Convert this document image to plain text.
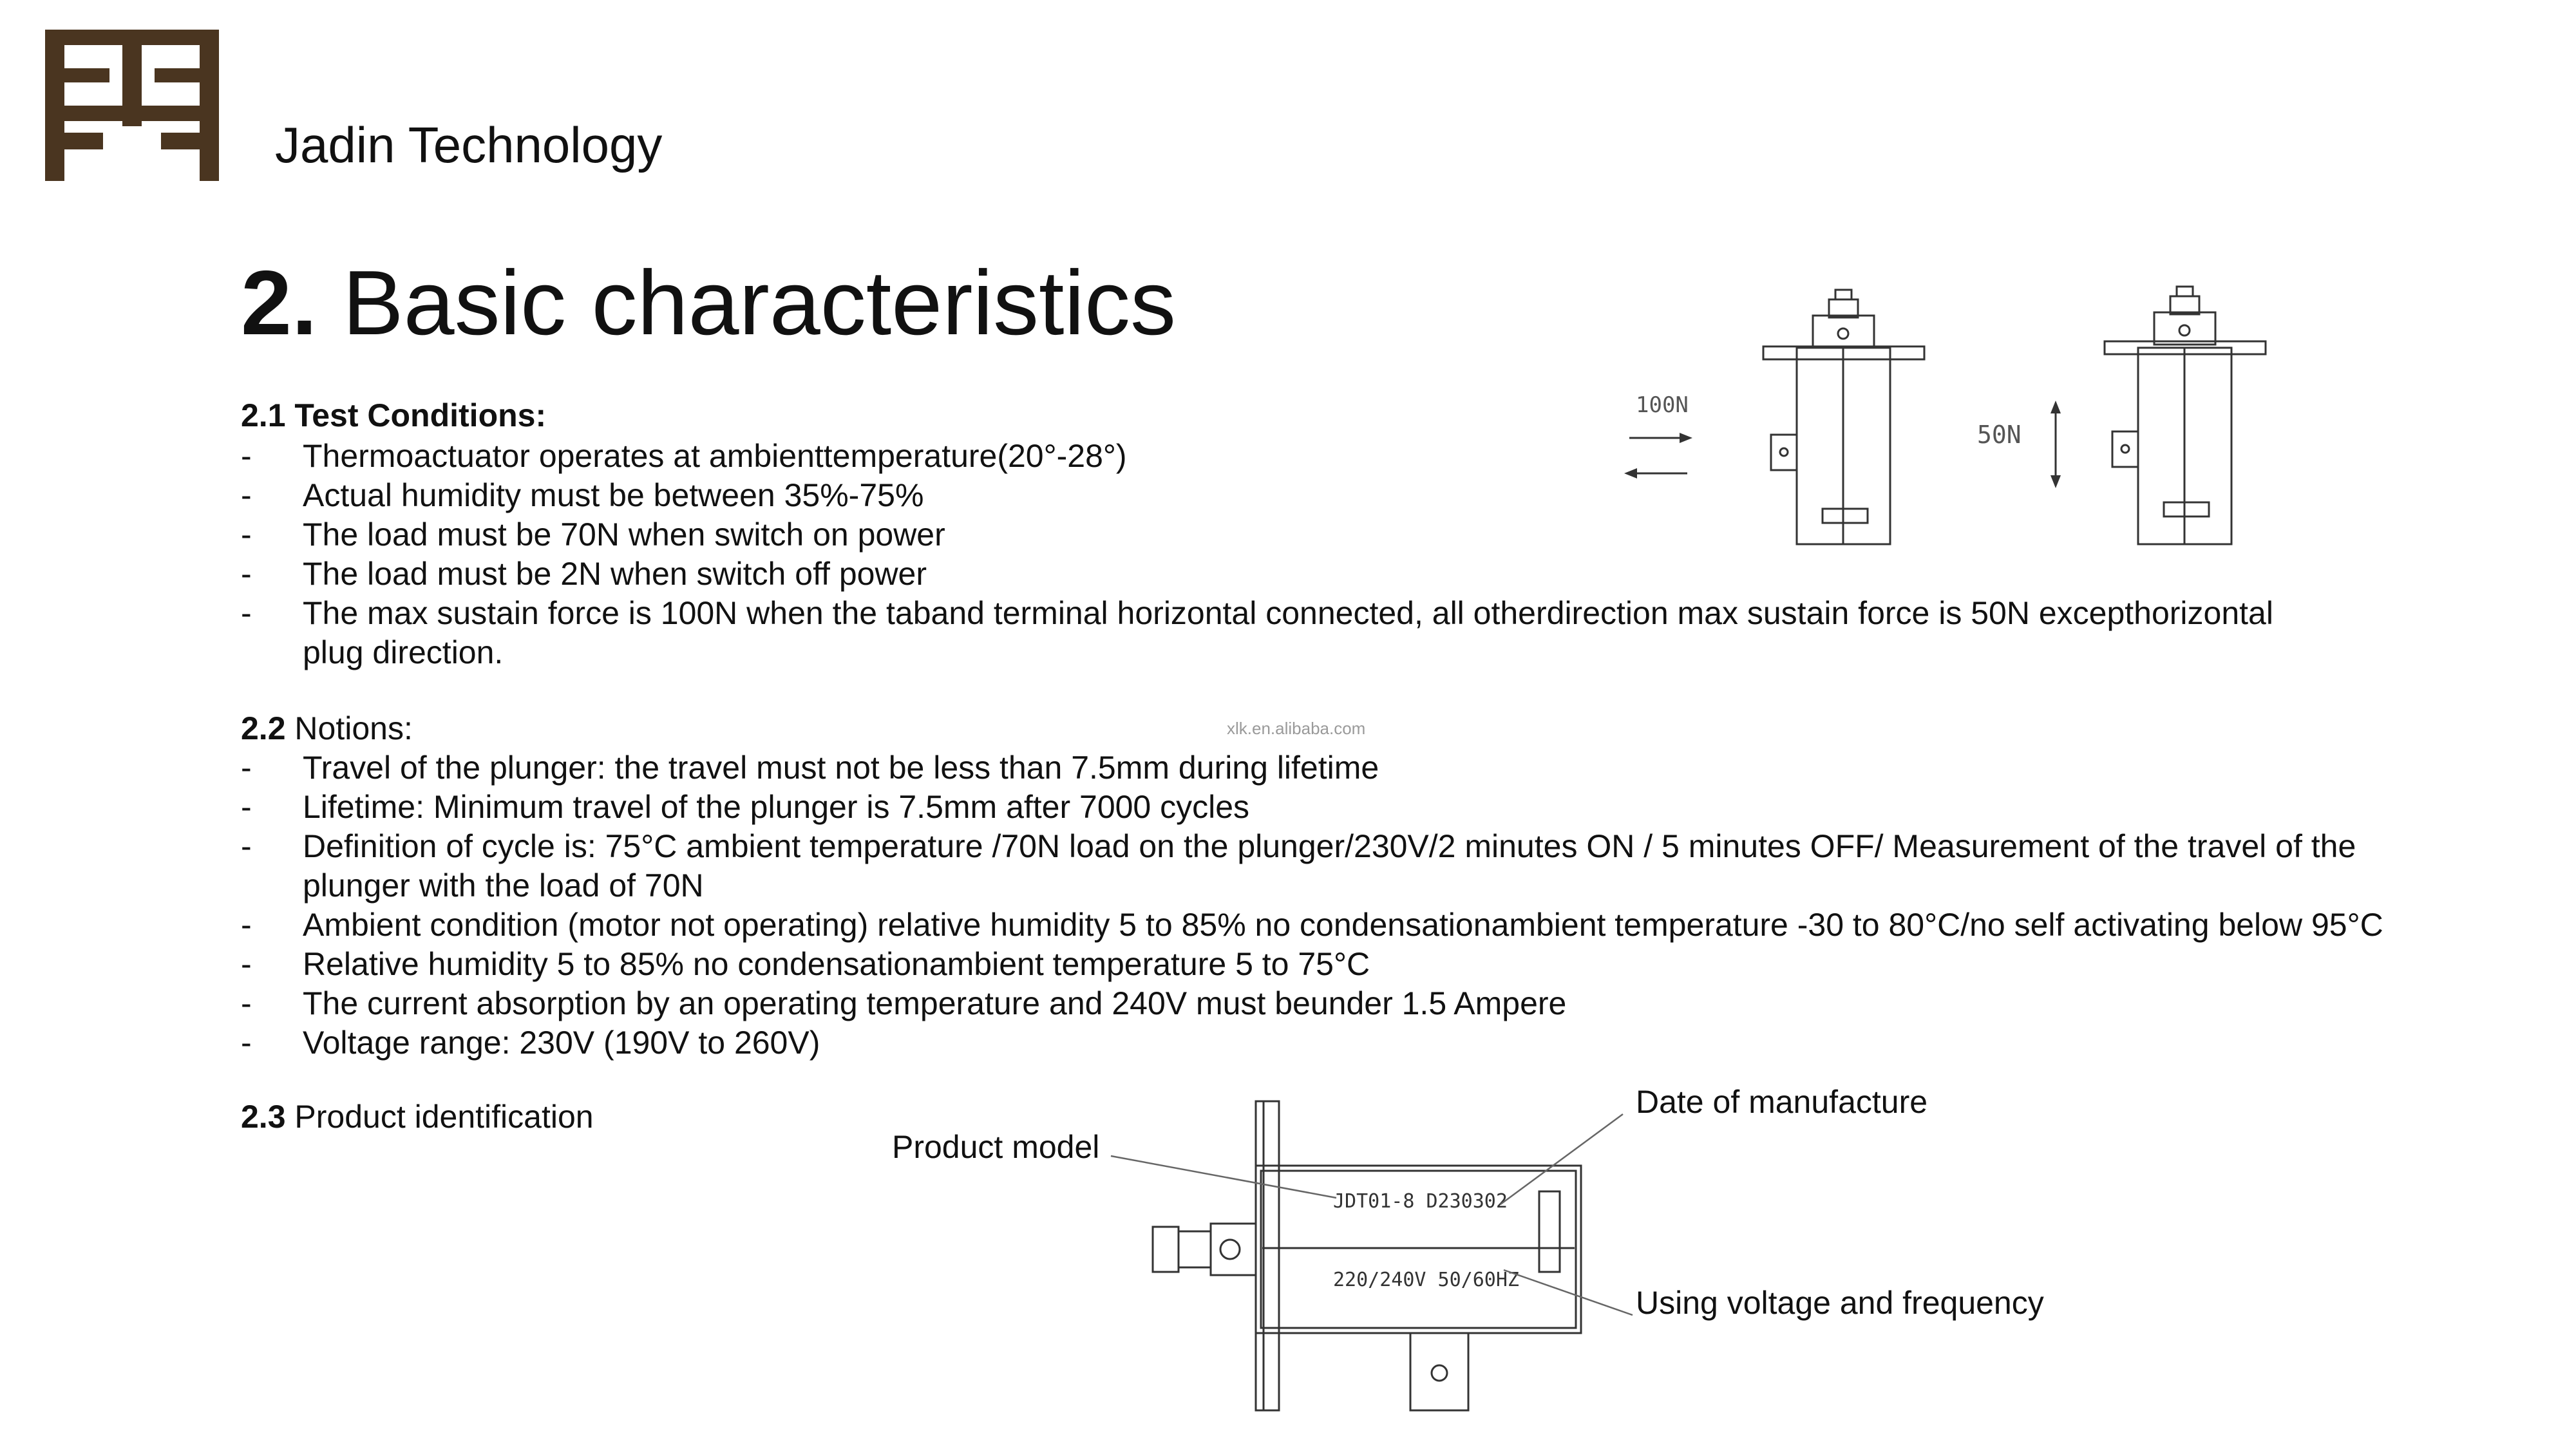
Jadin Technology
2. Basic characteristics
2.1 Test Conditions:
- Thermoactuator operates at ambienttemperature(20°-28°)
- Actual humidity must be between 35%-75%
- The load must be 70N when switch on power
- The load must be 2N when switch off power
- The max sustain force is 100N when the taband terminal horizontal connected, all otherdirection max sustain force is 50N excepthorizontal plug direction.
100N
50N
xlk.en.alibaba.com
2.2 Notions:
- Travel of the plunger: the travel must not be less than 7.5mm during lifetime
- Lifetime: Minimum travel of the plunger is 7.5mm after 7000 cycles
- Definition of cycle is: 75°C ambient temperature /70N load on the plunger/230V/2 minutes ON / 5 minutes OFF/ Measurement of the travel of the plunger with the load of 70N
- Ambient condition (motor not operating) relative humidity 5 to 85% no condensationambient temperature -30 to 80°C/no self activating below 95°C
- Relative humidity 5 to 85% no condensationambient temperature 5 to 75°C
- The current absorption by an operating temperature and 240V must beunder 1.5 Ampere
- Voltage range: 230V (190V to 260V)
2.3 Product identification
JDT01-8 D230302
220/240V 50/60HZ
Product model
Date of manufacture
Using voltage and frequency
